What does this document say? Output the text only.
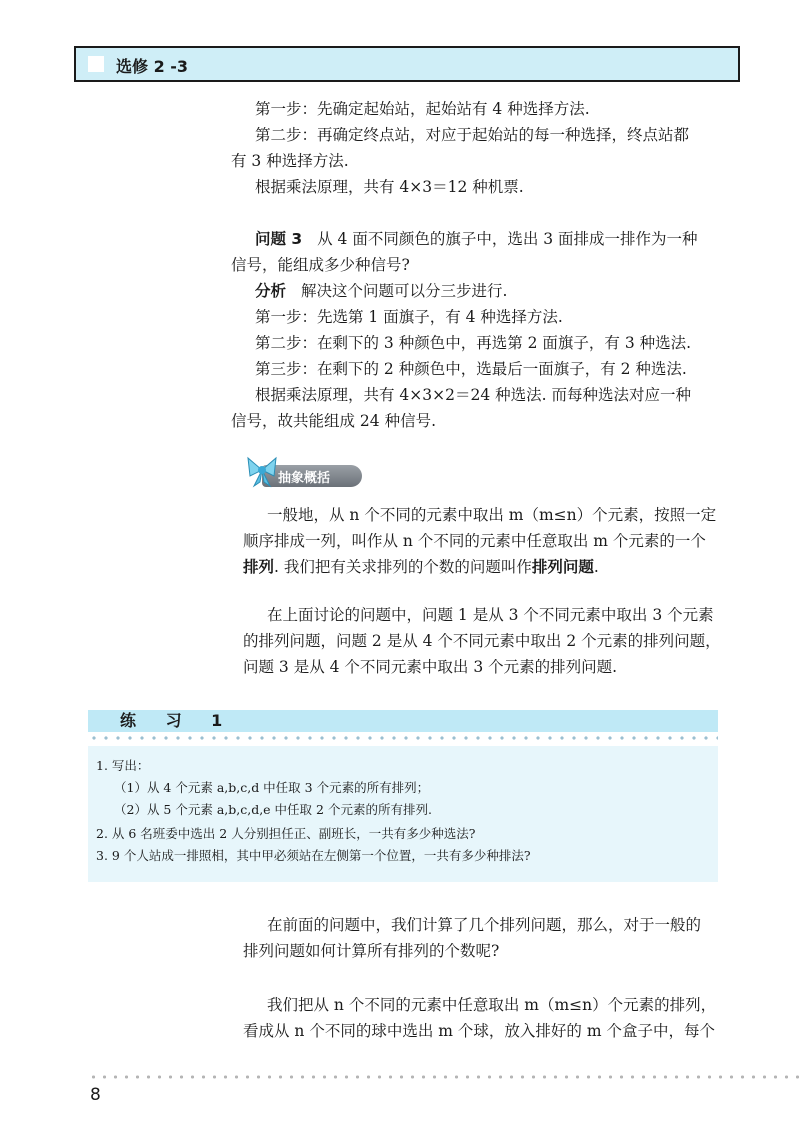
选修 2 -3
第一步：先确定起始站，起始站有 4 种选择方法.
第二步：再确定终点站，对应于起始站的每一种选择，终点站都
有 3 种选择方法.
根据乘法原理，共有 4×3＝12 种机票.
问题 3 从 4 面不同颜色的旗子中，选出 3 面排成一排作为一种
信号，能组成多少种信号?
分析 解决这个问题可以分三步进行.
第一步：先选第 1 面旗子，有 4 种选择方法.
第二步：在剩下的 3 种颜色中，再选第 2 面旗子，有 3 种选法.
第三步：在剩下的 2 种颜色中，选最后一面旗子，有 2 种选法.
根据乘法原理，共有 4×3×2＝24 种选法. 而每种选法对应一种
信号，故共能组成 24 种信号.
抽象概括
一般地，从 n 个不同的元素中取出 m（m≤n）个元素，按照一定
顺序排成一列，叫作从 n 个不同的元素中任意取出 m 个元素的一个
排列. 我们把有关求排列的个数的问题叫作排列问题.
在上面讨论的问题中，问题 1 是从 3 个不同元素中取出 3 个元素
的排列问题，问题 2 是从 4 个不同元素中取出 2 个元素的排列问题，
问题 3 是从 4 个不同元素中取出 3 个元素的排列问题.
练 习 1
1. 写出：
（1）从 4 个元素 a,b,c,d 中任取 3 个元素的所有排列；
（2）从 5 个元素 a,b,c,d,e 中任取 2 个元素的所有排列.
2. 从 6 名班委中选出 2 人分别担任正、副班长，一共有多少种选法?
3. 9 个人站成一排照相，其中甲必须站在左侧第一个位置，一共有多少种排法?
在前面的问题中，我们计算了几个排列问题，那么，对于一般的
排列问题如何计算所有排列的个数呢?
我们把从 n 个不同的元素中任意取出 m（m≤n）个元素的排列，
看成从 n 个不同的球中选出 m 个球，放入排好的 m 个盒子中，每个
8
